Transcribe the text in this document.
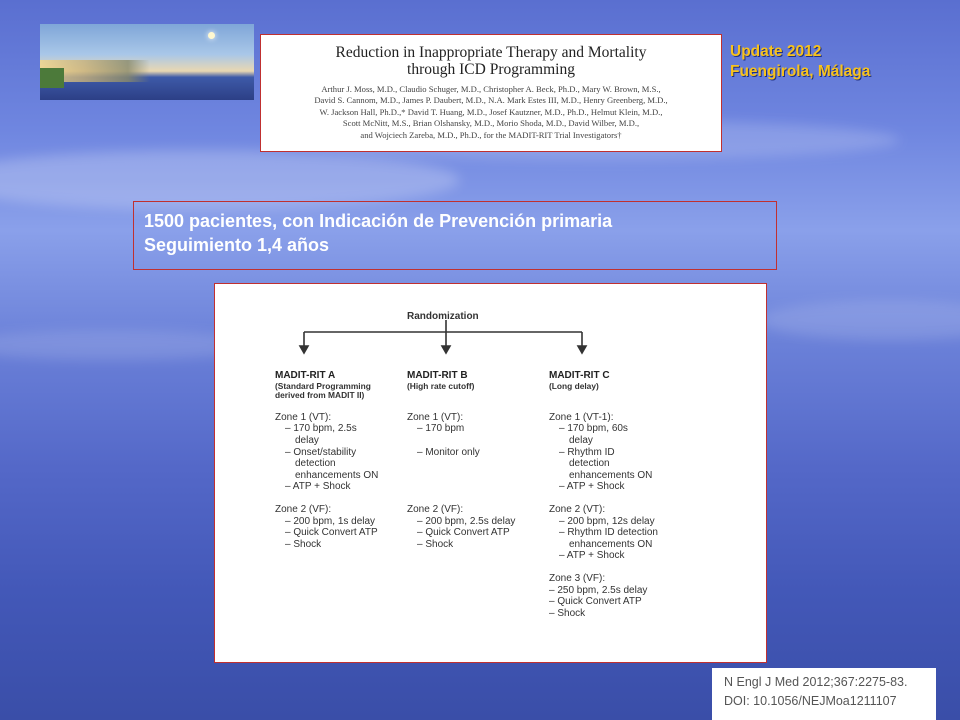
Reduction in Inappropriate Therapy and Mortality
through ICD Programming
Arthur J. Moss, M.D., Claudio Schuger, M.D., Christopher A. Beck, Ph.D., Mary W. Brown, M.S.,
David S. Cannom, M.D., James P. Daubert, M.D., N.A. Mark Estes III, M.D., Henry Greenberg, M.D.,
W. Jackson Hall, Ph.D.,* David T. Huang, M.D., Josef Kautzner, M.D., Ph.D., Helmut Klein, M.D.,
Scott McNitt, M.S., Brian Olshansky, M.D., Morio Shoda, M.D., David Wilber, M.D.,
and Wojciech Zareba, M.D., Ph.D., for the MADIT-RIT Trial Investigators†
Update 2012
Fuengirola, Málaga
1500 pacientes, con Indicación de Prevención primaria
Seguimiento 1,4 años
Randomization
MADIT-RIT A
(Standard Programming
derived from MADIT II)
Zone 1 (VT):
– 170 bpm, 2.5s
delay
– Onset/stability
detection
enhancements ON
– ATP + Shock
Zone 2 (VF):
– 200 bpm, 1s delay
– Quick Convert ATP
– Shock
MADIT-RIT B
(High rate cutoff)
Zone 1 (VT):
– 170 bpm
– Monitor only
Zone 2 (VF):
– 200 bpm, 2.5s delay
– Quick Convert ATP
– Shock
MADIT-RIT C
(Long delay)
Zone 1 (VT-1):
– 170 bpm, 60s
delay
– Rhythm ID
detection
enhancements ON
– ATP + Shock
Zone 2 (VT):
– 200 bpm, 12s delay
– Rhythm ID detection
enhancements ON
– ATP + Shock
Zone 3 (VF):
– 250 bpm, 2.5s delay
– Quick Convert ATP
– Shock
N Engl J Med 2012;367:2275-83.
DOI: 10.1056/NEJMoa1211107
